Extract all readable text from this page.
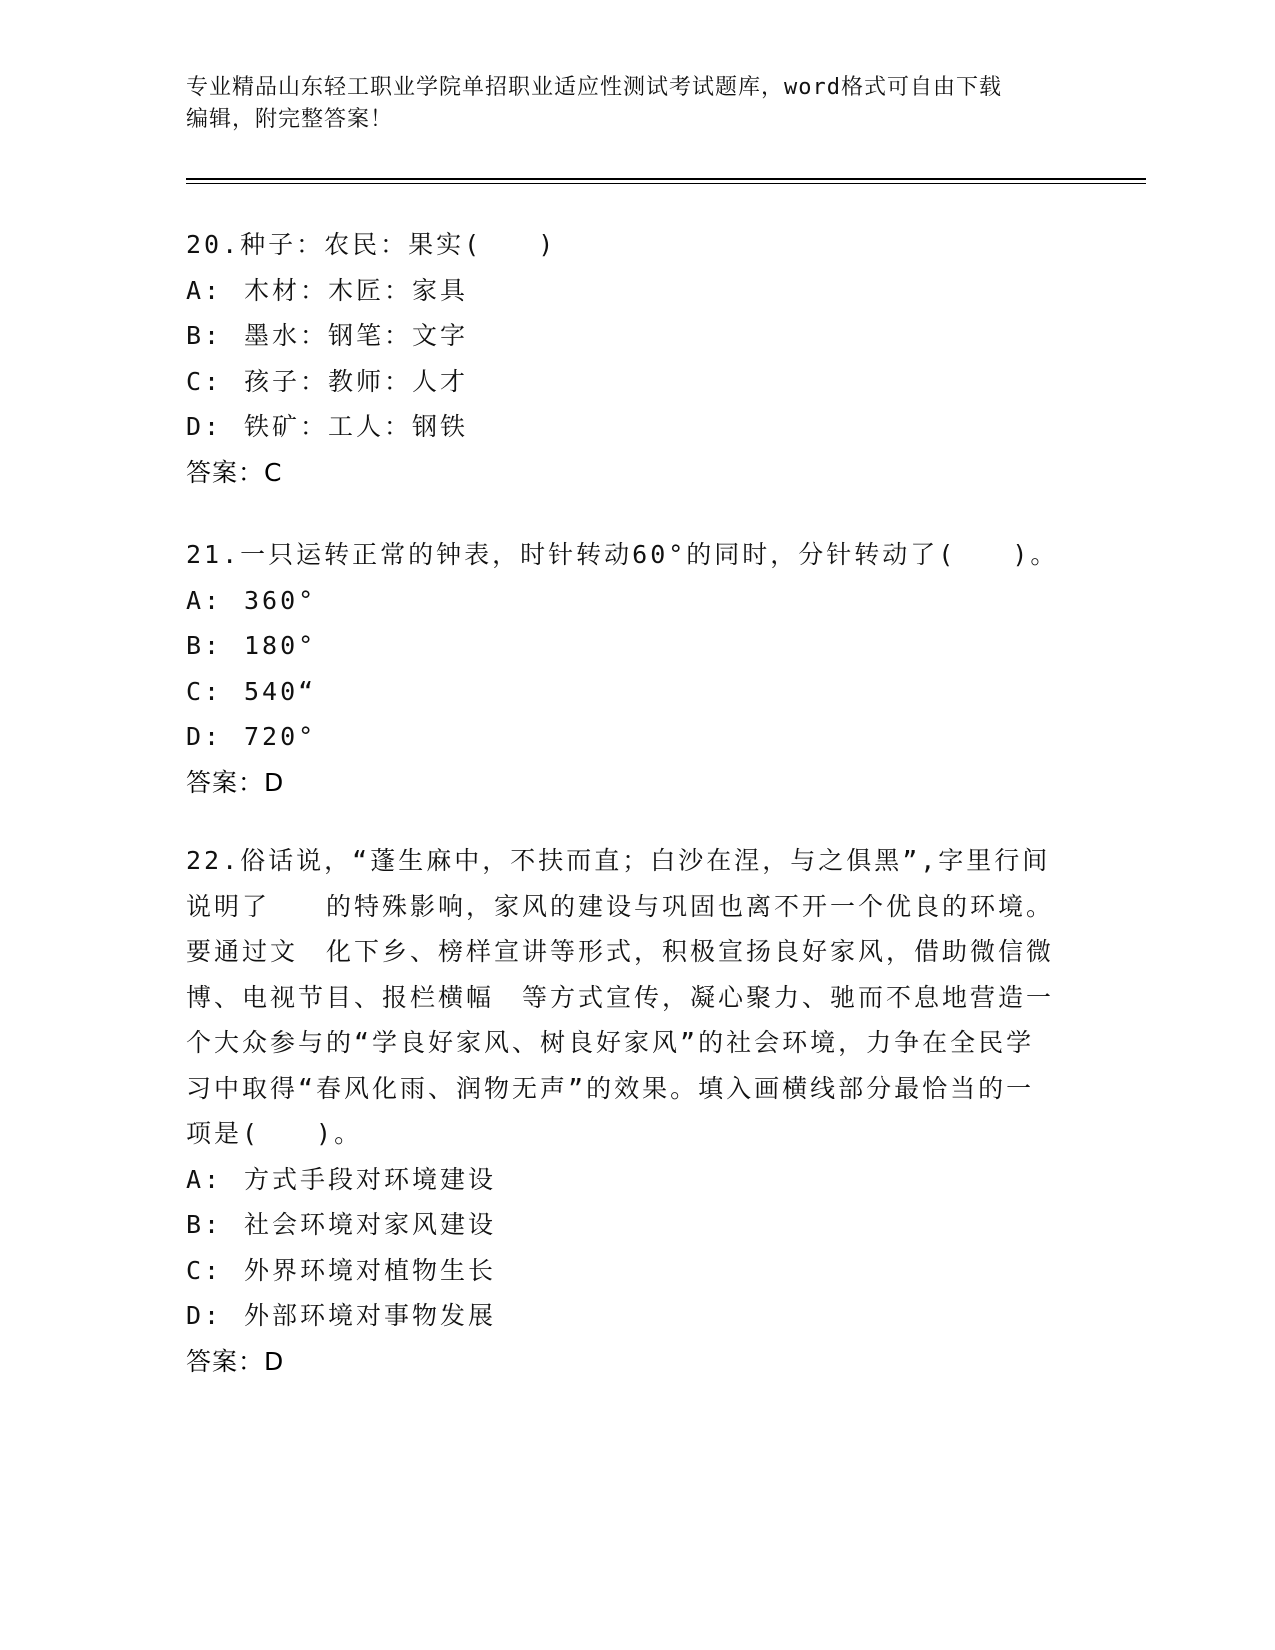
专业精品山东轻工职业学院单招职业适应性测试考试题库，word格式可自由下载
编辑，附完整答案！
20.种子：农民：果实(　　)
A: 木材：木匠：家具
B: 墨水：钢笔：文字
C: 孩子：教师：人才
D: 铁矿：工人：钢铁
答案：C
21.一只运转正常的钟表，时针转动60°的同时，分针转动了(　　)。
A: 360°
B: 180°
C: 540“
D: 720°
答案：D
22.俗话说，“蓬生麻中，不扶而直；白沙在涅，与之俱黑”,字里行间说明了　　的特殊影响，家风的建设与巩固也离不开一个优良的环境。要通过文　化下乡、榜样宣讲等形式，积极宣扬良好家风，借助微信微博、电视节目、报栏横幅　等方式宣传，凝心聚力、驰而不息地营造一个大众参与的“学良好家风、树良好家风”的社会环境，力争在全民学习中取得“春风化雨、润物无声”的效果。填入画横线部分最恰当的一项是(　　)。
A: 方式手段对环境建设
B: 社会环境对家风建设
C: 外界环境对植物生长
D: 外部环境对事物发展
答案：D
